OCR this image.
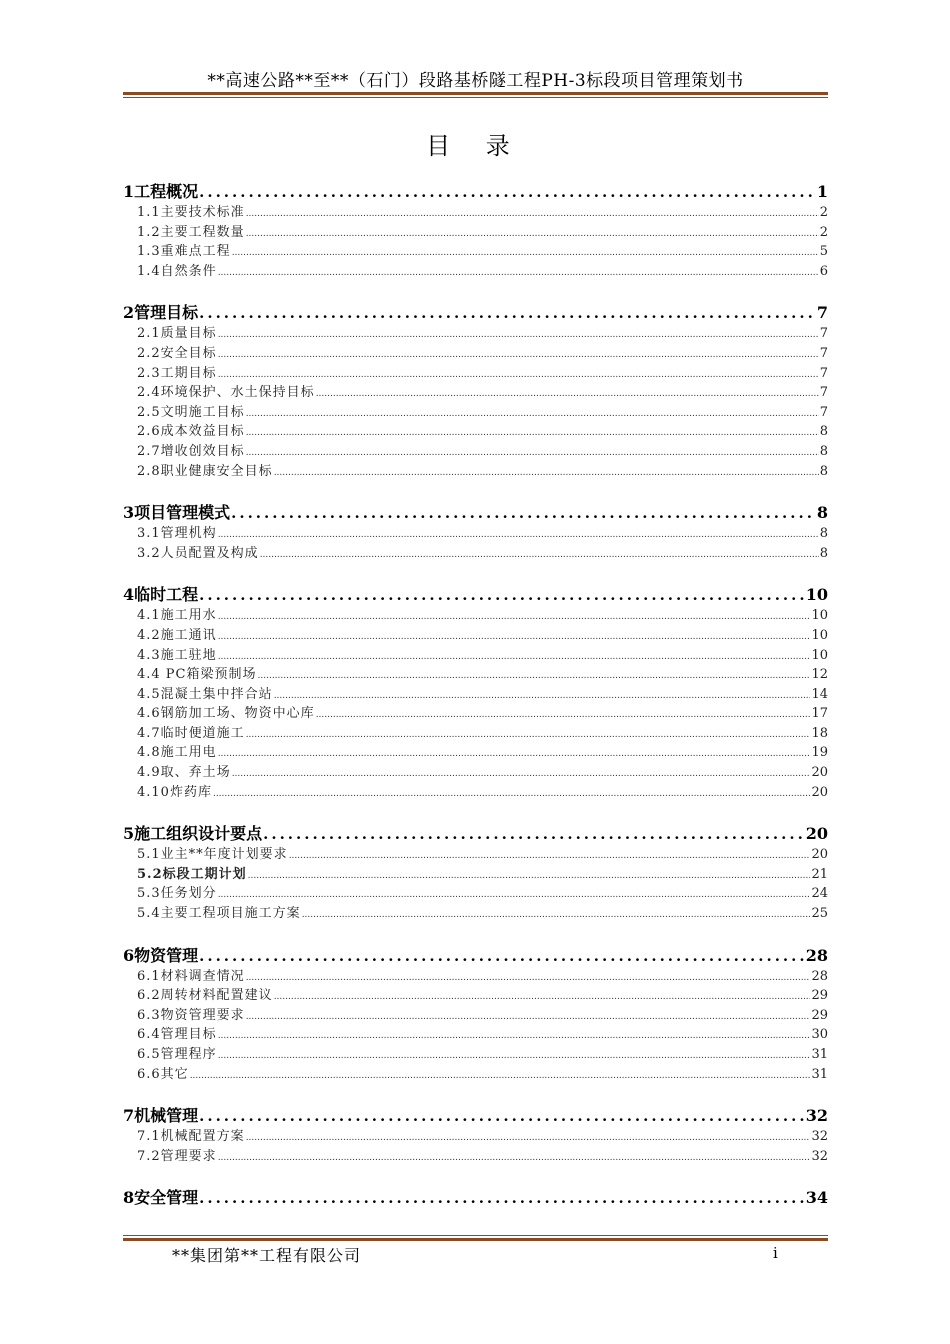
**高速公路**至**（石门）段路基桥隧工程PH-3标段项目管理策划书
目 录
1工程概况 .....	1
1.1主要技术标准 .....	2
1.2主要工程数量 .....	2
1.3重难点工程 .....	5
1.4自然条件 .....	6
2管理目标 .....	7
2.1质量目标 .....	7
2.2安全目标 .....	7
2.3工期目标 .....	7
2.4环境保护、水土保持目标 .....	7
2.5文明施工目标 .....	7
2.6成本效益目标 .....	8
2.7增收创效目标 .....	8
2.8职业健康安全目标 .....	8
3项目管理模式 .....	8
3.1管理机构 .....	8
3.2人员配置及构成 .....	8
4临时工程 .....	10
4.1施工用水 .....	10
4.2施工通讯 .....	10
4.3施工驻地 .....	10
4.4 PC箱梁预制场 .....	12
4.5混凝土集中拌合站 .....	14
4.6钢筋加工场、物资中心库 .....	17
4.7临时便道施工 .....	18
4.8施工用电 .....	19
4.9取、弃土场 .....	20
4.10炸药库 .....	20
5施工组织设计要点 .....	20
5.1业主**年度计划要求 .....	20
5.2标段工期计划 .....	21
5.3任务划分 .....	24
5.4主要工程项目施工方案 .....	25
6物资管理 .....	28
6.1材料调查情况 .....	28
6.2周转材料配置建议 .....	29
6.3物资管理要求 .....	29
6.4管理目标 .....	30
6.5管理程序 .....	31
6.6其它 .....	31
7机械管理 .....	32
7.1机械配置方案 .....	32
7.2管理要求 .....	32
8安全管理 .....	34
**集团第**工程有限公司	i
